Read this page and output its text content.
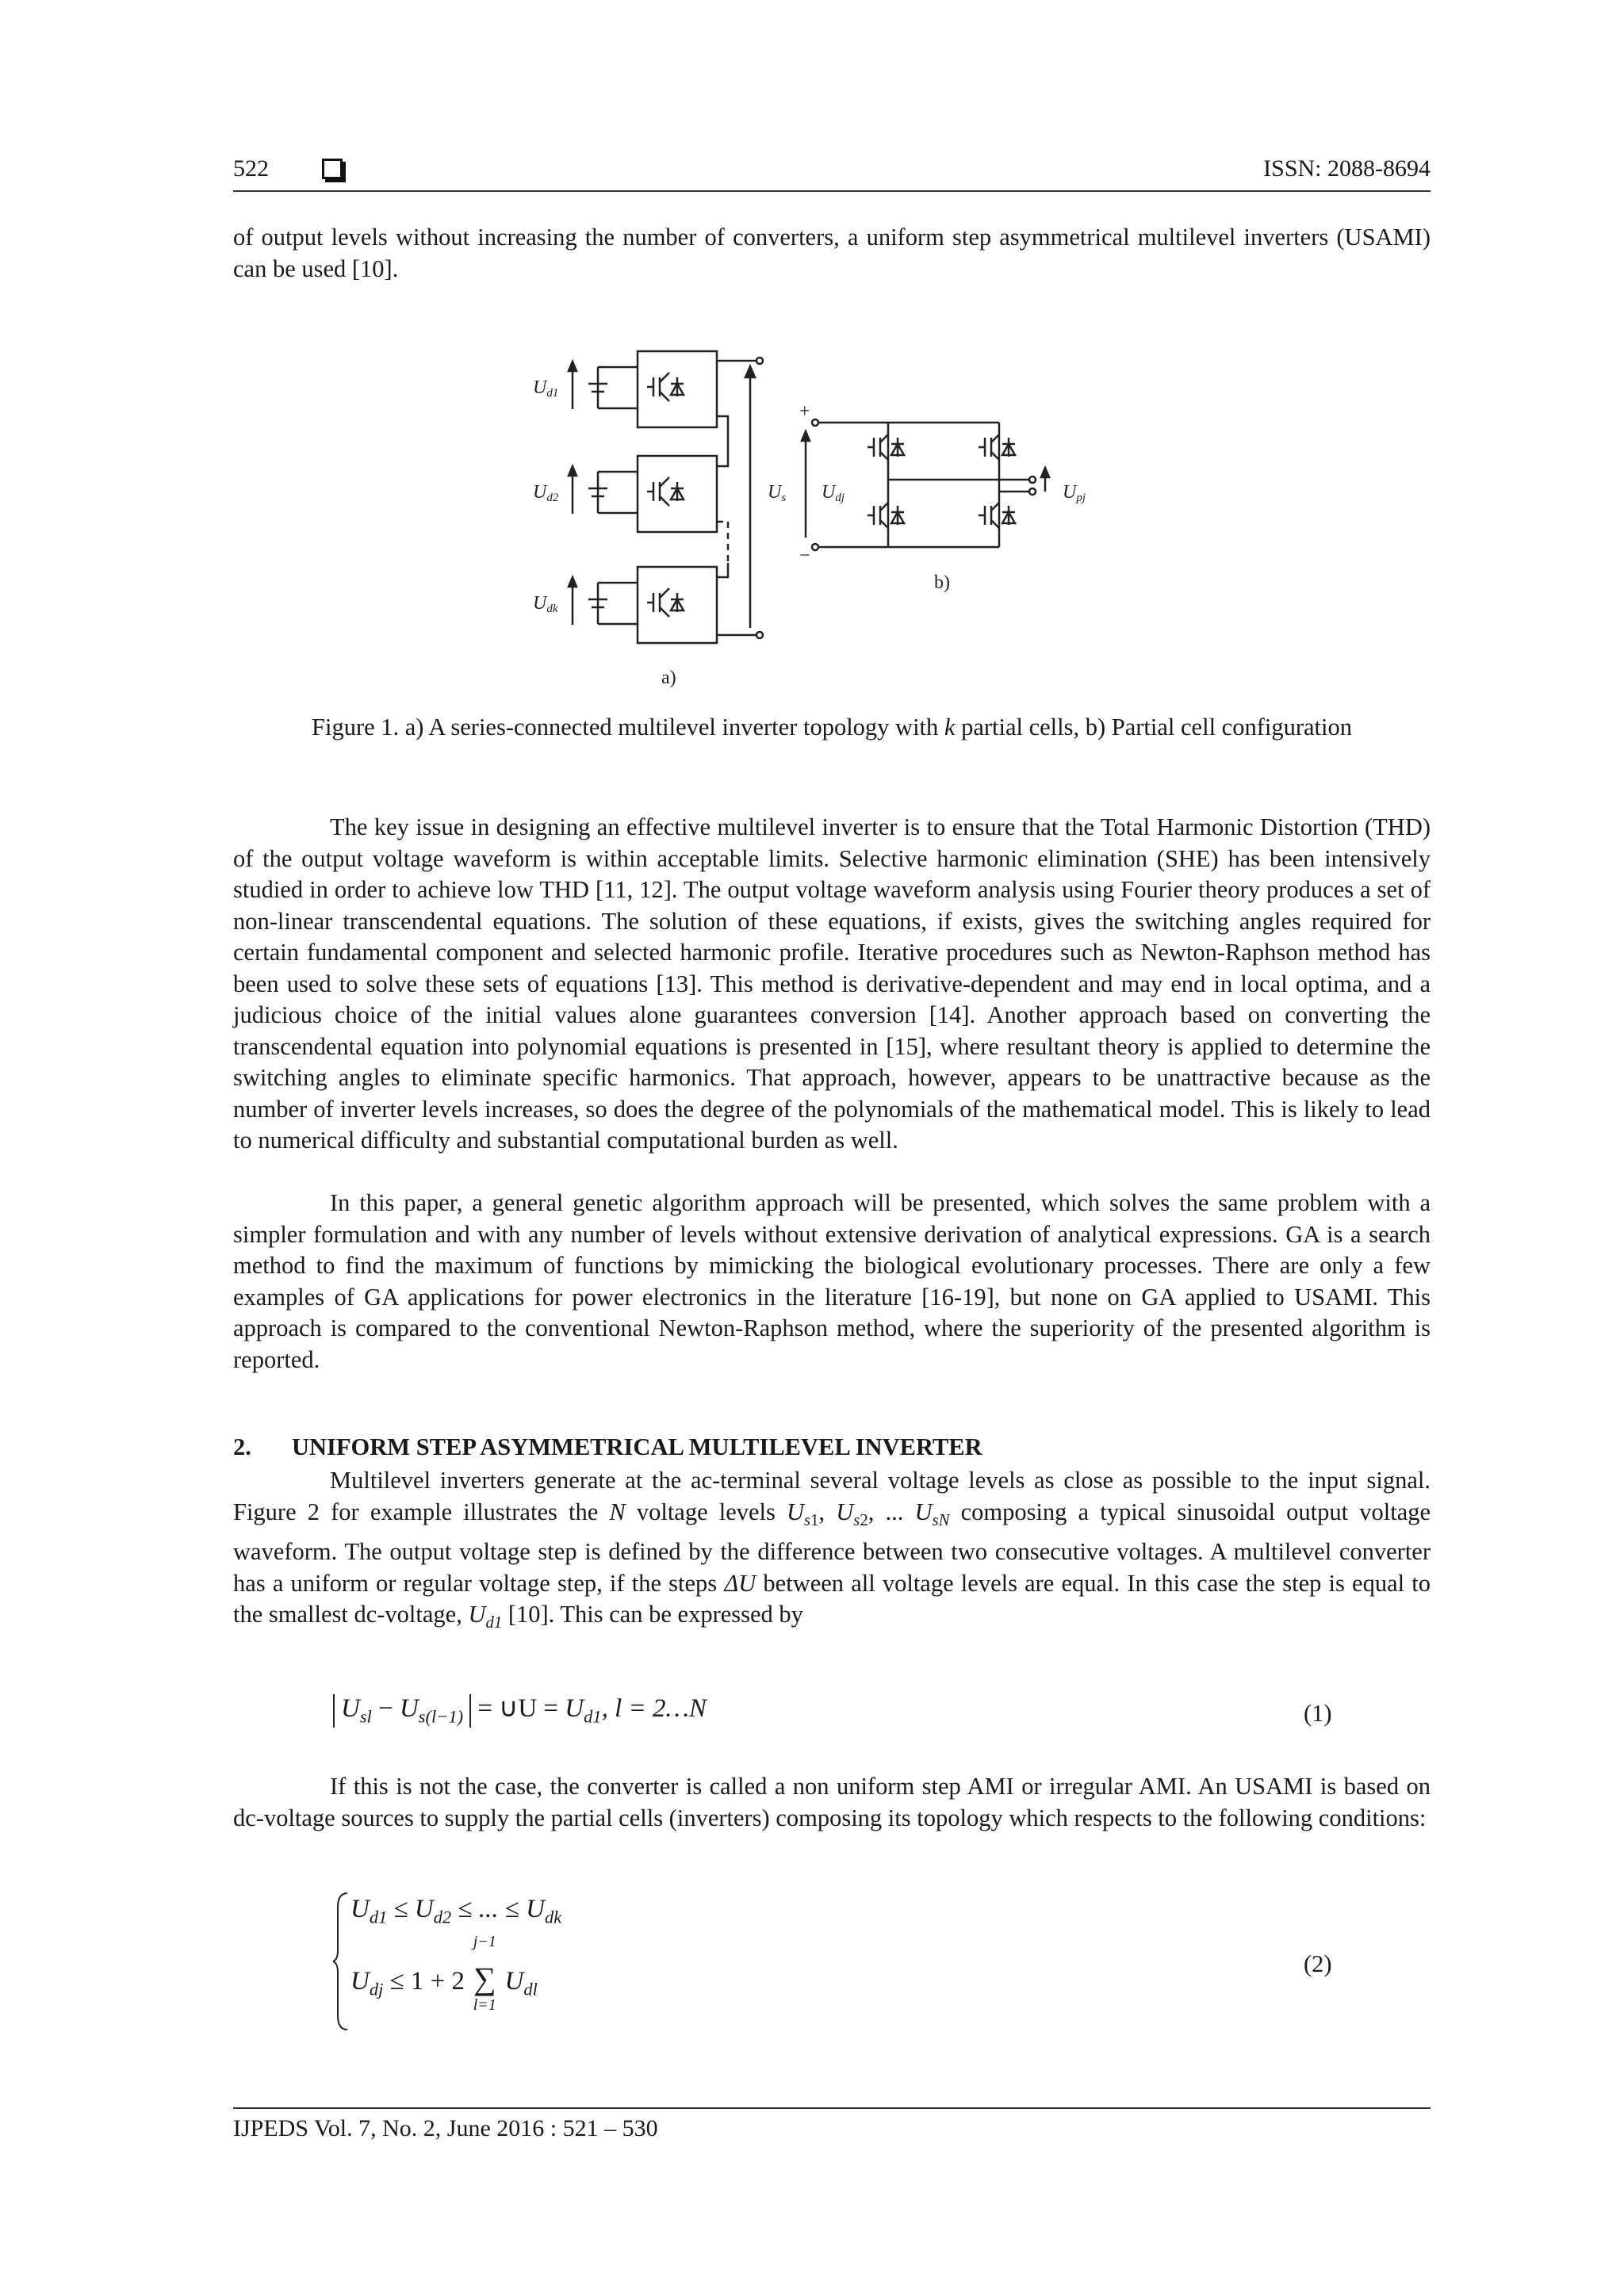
522	ISSN: 2088-8694

of output levels without increasing the number of converters, a uniform step asymmetrical multilevel inverters (USAMI) can be used [10].

Ud1
Ud2
Udk
Us Udj	Upj
+
−
b)
a)

Figure 1. a) A series-connected multilevel inverter topology with k partial cells, b) Partial cell configuration

The key issue in designing an effective multilevel inverter is to ensure that the Total Harmonic Distortion (THD) of the output voltage waveform is within acceptable limits. Selective harmonic elimination (SHE) has been intensively studied in order to achieve low THD [11, 12]. The output voltage waveform analysis using Fourier theory produces a set of non-linear transcendental equations. The solution of these equations, if exists, gives the switching angles required for certain fundamental component and selected harmonic profile. Iterative procedures such as Newton-Raphson method has been used to solve these sets of equations [13]. This method is derivative-dependent and may end in local optima, and a judicious choice of the initial values alone guarantees conversion [14]. Another approach based on converting the transcendental equation into polynomial equations is presented in [15], where resultant theory is applied to determine the switching angles to eliminate specific harmonics. That approach, however, appears to be unattractive because as the number of inverter levels increases, so does the degree of the polynomials of the mathematical model. This is likely to lead to numerical difficulty and substantial computational burden as well.

In this paper, a general genetic algorithm approach will be presented, which solves the same problem with a simpler formulation and with any number of levels without extensive derivation of analytical expressions. GA is a search method to find the maximum of functions by mimicking the biological evolutionary processes. There are only a few examples of GA applications for power electronics in the literature [16-19], but none on GA applied to USAMI. This approach is compared to the conventional Newton-Raphson method, where the superiority of the presented algorithm is reported.

2. UNIFORM STEP ASYMMETRICAL MULTILEVEL INVERTER

Multilevel inverters generate at the ac-terminal several voltage levels as close as possible to the input signal. Figure 2 for example illustrates the N voltage levels $U_{s1}$, $U_{s2}$, ... $U_{sN}$ composing a typical sinusoidal output voltage waveform. The output voltage step is defined by the difference between two consecutive voltages. A multilevel converter has a uniform or regular voltage step, if the steps ΔU between all voltage levels are equal. In this case the step is equal to the smallest dc-voltage, $U_{d1}$ [10]. This can be expressed by

$U_{sl} - U_{s(l-1)}$ = ∪U = $U_{d1}$, l = 2…N	(1)

If this is not the case, the converter is called a non uniform step AMI or irregular AMI. An USAMI is based on dc-voltage sources to supply the partial cells (inverters) composing its topology which respects to the following conditions:

$U_{d1} \le U_{d2}$ ≤ ... ≤ $U_{dk}$
$U_{dj} \le 1 + 2$
j−1
∑
l=1
$U_{dl}$
(2)
IJPEDS Vol. 7, No. 2, June 2016 : 521 – 530
